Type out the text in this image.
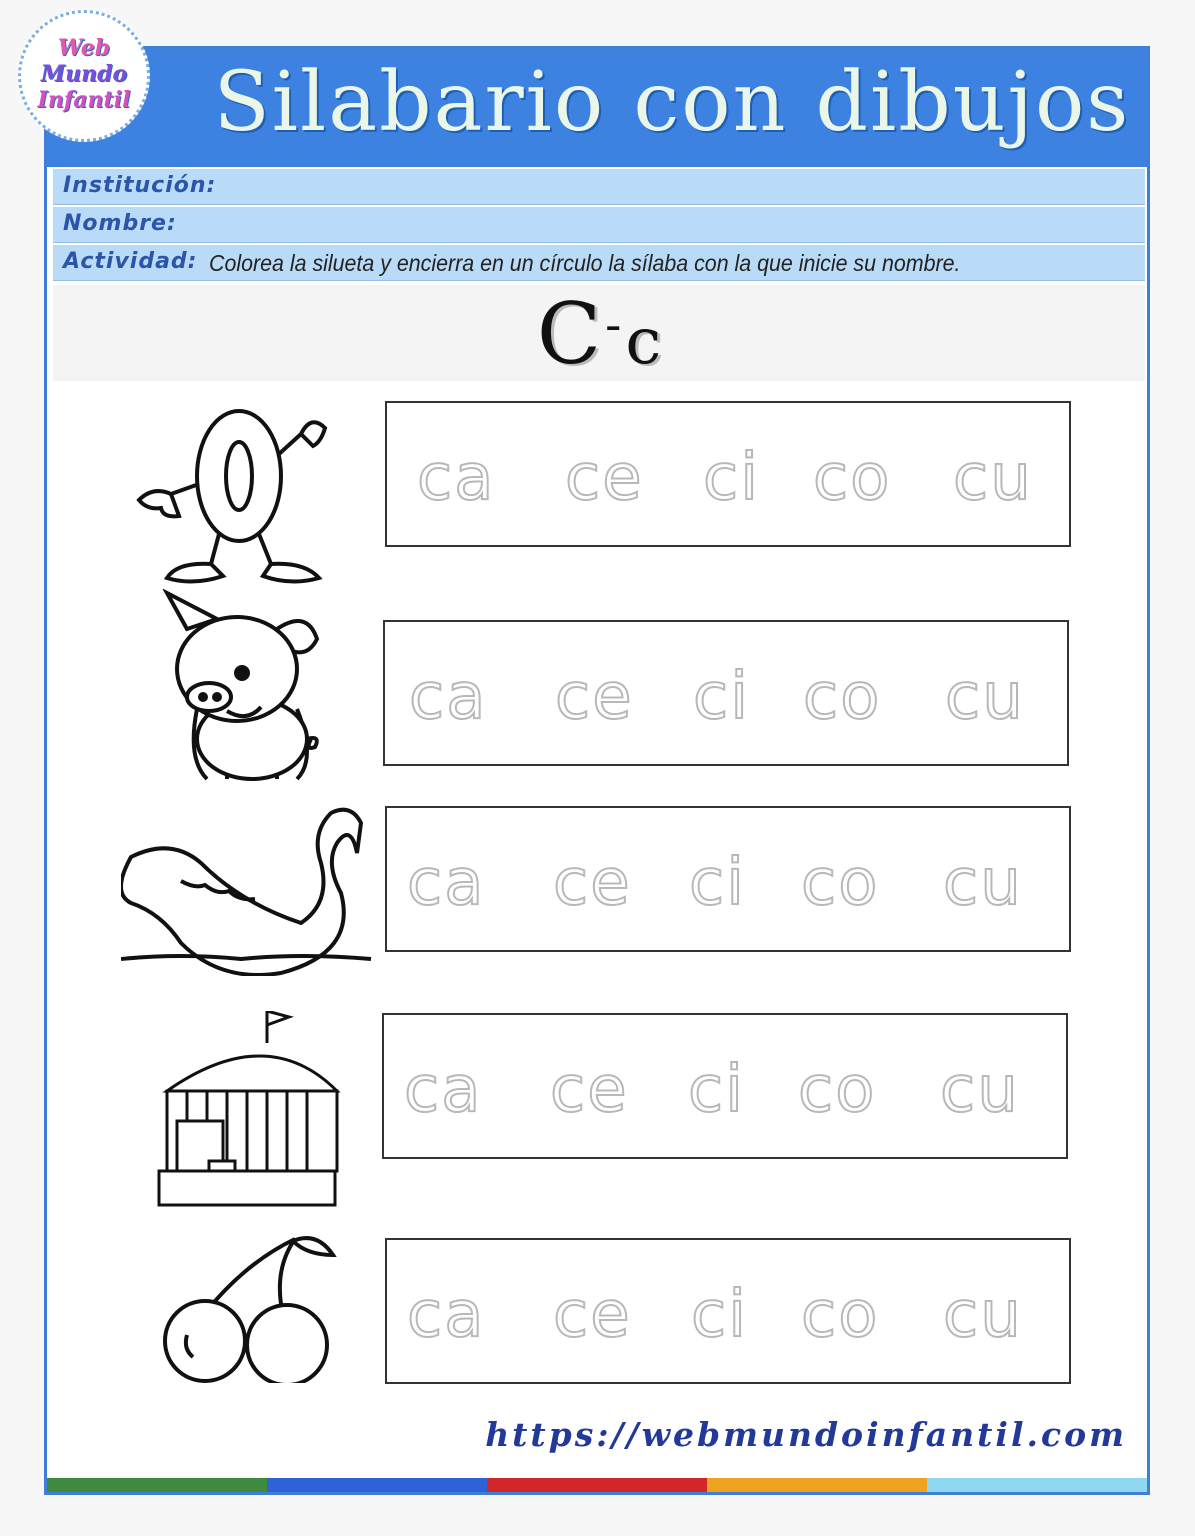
Web
Mundo
Infantil Silabario con dibujos
Institución:
Nombre:
Actividad: Colorea la silueta y encierra en un círculo la sílaba con la que inicie su nombre.
C-c
ca ce ci co cu
ca ce ci co cu
ca ce ci co cu
ca ce ci co cu
ca ce ci co cu
https://webmundoinfantil.com
